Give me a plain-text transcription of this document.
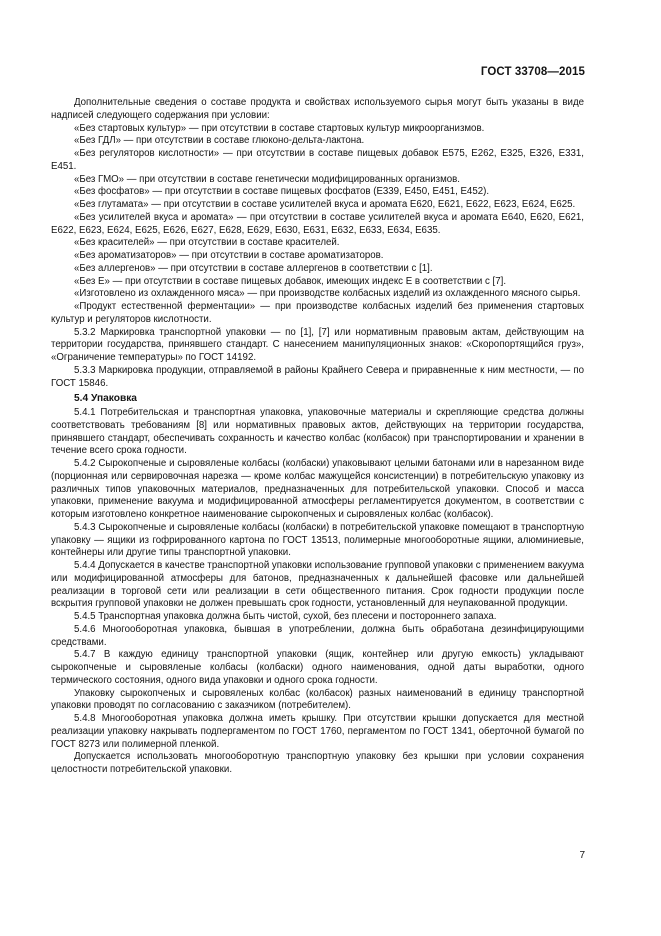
ГОСТ 33708—2015

Дополнительные сведения о составе продукта и свойствах используемого сырья могут быть указаны в виде надписей следующего содержания при условии:

«Без стартовых культур» — при отсутствии в составе стартовых культур микроорганизмов.

«Без ГДЛ» — при отсутствии в составе глюконо-дельта-лактона.

«Без регуляторов кислотности» — при отсутствии в составе пищевых добавок Е575, Е262, Е325, Е326, Е331, Е451.

«Без ГМО» — при отсутствии в составе генетически модифицированных организмов.

«Без фосфатов» — при отсутствии в составе пищевых фосфатов (Е339, Е450, Е451, Е452).

«Без глутамата» — при отсутствии в составе усилителей вкуса и аромата Е620, Е621, Е622, Е623, Е624, Е625.

«Без усилителей вкуса и аромата» — при отсутствии в составе усилителей вкуса и аромата Е640, Е620, Е621, Е622, Е623, Е624, Е625, Е626, Е627, Е628, Е629, Е630, Е631, Е632, Е633, Е634, Е635.

«Без красителей» — при отсутствии в составе красителей.

«Без ароматизаторов» — при отсутствии в составе ароматизаторов.

«Без аллергенов» — при отсутствии в составе аллергенов в соответствии с [1].

«Без Е» — при отсутствии в составе пищевых добавок, имеющих индекс Е в соответствии с [7].

«Изготовлено из охлажденного мяса» — при производстве колбасных изделий из охлажденного мясного сырья.

«Продукт естественной ферментации» — при производстве колбасных изделий без применения стартовых культур и регуляторов кислотности.

5.3.2 Маркировка транспортной упаковки — по [1], [7] или нормативным правовым актам, действующим на территории государства, принявшего стандарт. С нанесением манипуляционных знаков: «Скоропортящийся груз», «Ограничение температуры» по ГОСТ 14192.

5.3.3 Маркировка продукции, отправляемой в районы Крайнего Севера и приравненные к ним местности, — по ГОСТ 15846.

5.4 Упаковка

5.4.1 Потребительская и транспортная упаковка, упаковочные материалы и скрепляющие средства должны соответствовать требованиям [8] или нормативных правовых актов, действующих на территории государства, принявшего стандарт, обеспечивать сохранность и качество колбас (колбасок) при транспортировании и хранении в течение всего срока годности.

5.4.2 Сырокопченые и сыровяленые колбасы (колбаски) упаковывают целыми батонами или в нарезанном виде (порционная или сервировочная нарезка — кроме колбас мажущейся консистенции) в потребительскую упаковку из различных типов упаковочных материалов, предназначенных для потребительской упаковки. Способ и масса упаковки, применение вакуума и модифицированной атмосферы регламентируется документом, в соответствии с которым изготовлено конкретное наименование сырокопченых и сыровяленых колбас (колбасок).

5.4.3 Сырокопченые и сыровяленые колбасы (колбаски) в потребительской упаковке помещают в транспортную упаковку — ящики из гофрированного картона по ГОСТ 13513, полимерные многооборотные ящики, алюминиевые, контейнеры или другие типы транспортной упаковки.

5.4.4 Допускается в качестве транспортной упаковки использование групповой упаковки с применением вакуума или модифицированной атмосферы для батонов, предназначенных к дальнейшей фасовке или дальнейшей реализации в торговой сети или реализации в сети общественного питания. Срок годности продукции после вскрытия групповой упаковки не должен превышать срок годности, установленный для неупакованной продукции.

5.4.5 Транспортная упаковка должна быть чистой, сухой, без плесени и постороннего запаха.

5.4.6 Многооборотная упаковка, бывшая в употреблении, должна быть обработана дезинфицирующими средствами.

5.4.7 В каждую единицу транспортной упаковки (ящик, контейнер или другую емкость) укладывают сырокопченые и сыровяленые колбасы (колбаски) одного наименования, одной даты выработки, одного термического состояния, одного вида упаковки и одного срока годности.

Упаковку сырокопченых и сыровяленых колбас (колбасок) разных наименований в единицу транспортной упаковки проводят по согласованию с заказчиком (потребителем).

5.4.8 Многооборотная упаковка должна иметь крышку. При отсутствии крышки допускается для местной реализации упаковку накрывать подпергаментом по ГОСТ 1760, пергаментом по ГОСТ 1341, оберточной бумагой по ГОСТ 8273 или полимерной пленкой.

Допускается использовать многооборотную транспортную упаковку без крышки при условии сохранения целостности потребительской упаковки.

7
